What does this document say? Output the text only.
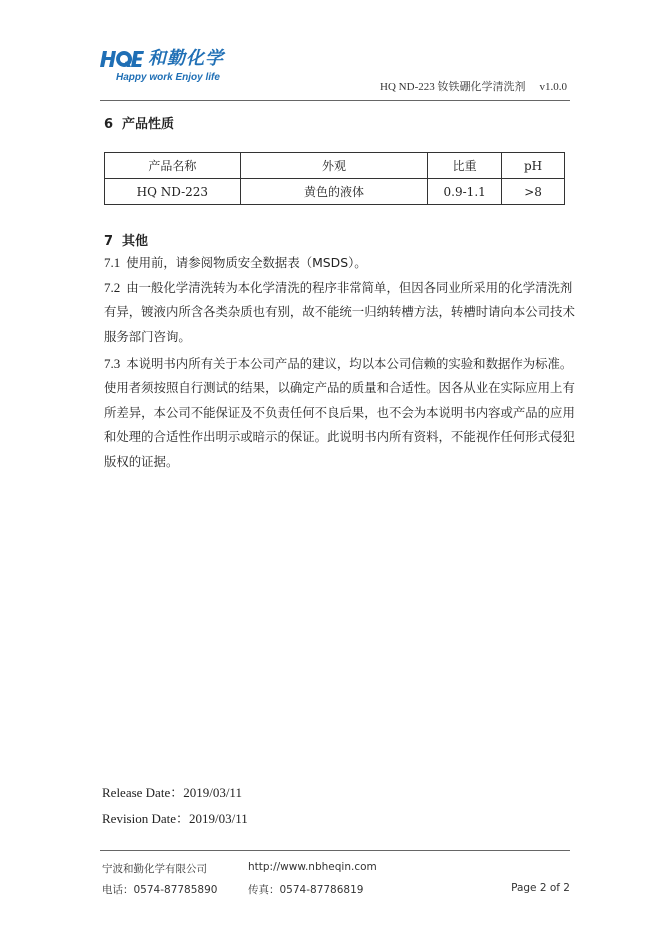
和勤化学
Happy work Enjoy life
HQ ND-223 钕铁硼化学清洗剂 v1.0.0
6 产品性质
产品名称	外观	比重	pH
HQ ND-223	黄色的液体	0.9-1.1	>8
7 其他

7.1 使用前，请参阅物质安全数据表（MSDS）。

7.2 由一般化学清洗转为本化学清洗的程序非常简单，但因各同业所采用的化学清洗剂有异，镀液内所含各类杂质也有别，故不能统一归纳转槽方法，转槽时请向本公司技术服务部门咨询。

7.3 本说明书内所有关于本公司产品的建议，均以本公司信赖的实验和数据作为标准。使用者须按照自行测试的结果，以确定产品的质量和合适性。因各从业在实际应用上有所差异，本公司不能保证及不负责任何不良后果，也不会为本说明书内容或产品的应用和处理的合适性作出明示或暗示的保证。此说明书内所有资料，不能视作任何形式侵犯版权的证据。

Release Date：2019/03/11
Revision Date：2019/03/11
宁波和勤化学有限公司	http://www.nbheqin.com
电话：0574-87785890	传真：0574-87786819	Page 2 of 2
